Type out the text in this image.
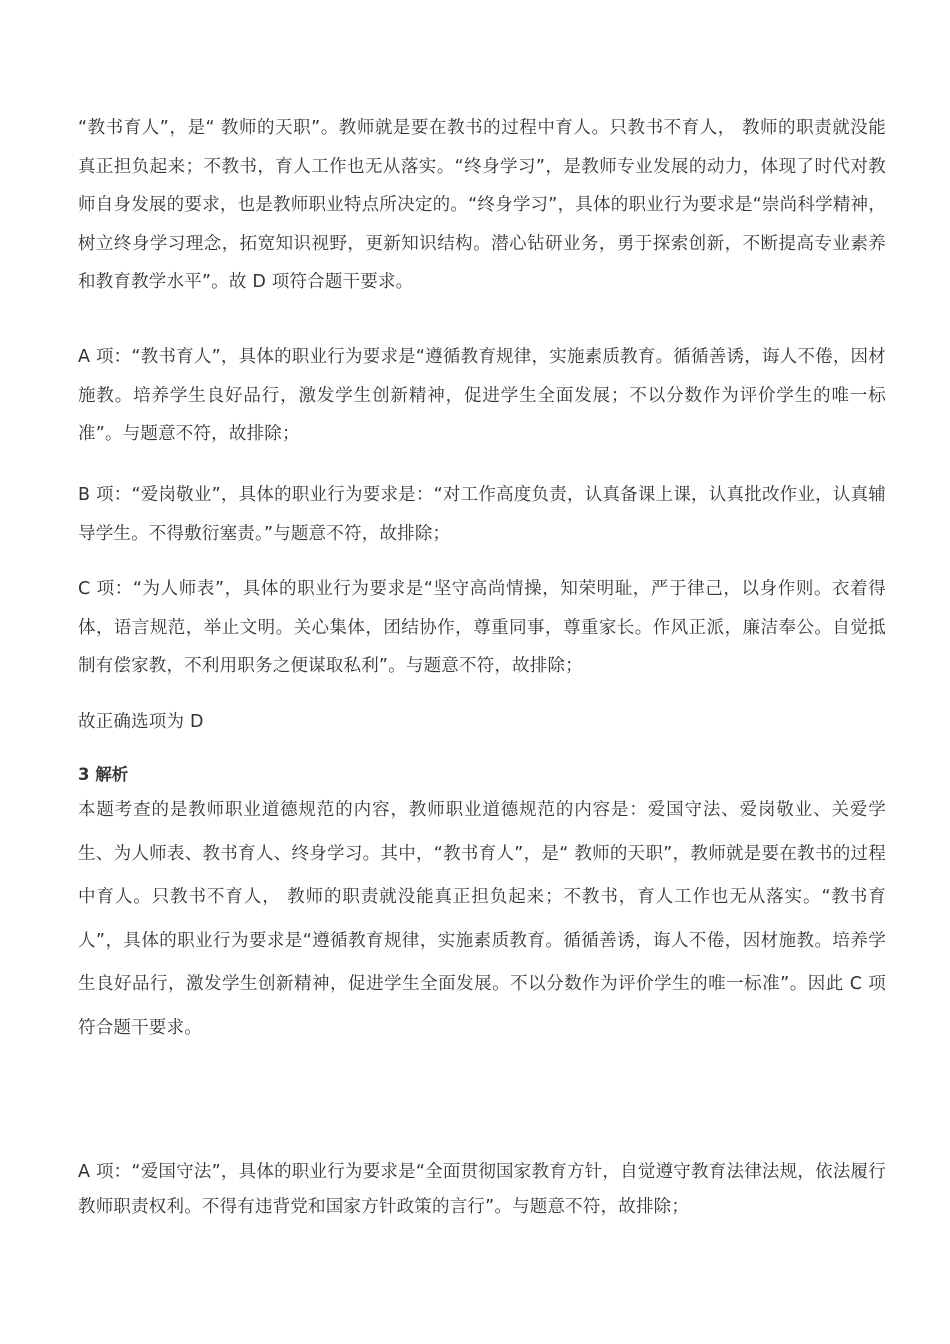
“教书育人”，是“ 教师的天职”。教师就是要在教书的过程中育人。只教书不育人， 教师的职责就没能真正担负起来；不教书，育人工作也无从落实。“终身学习”，是教师专业发展的动力，体现了时代对教师自身发展的要求，也是教师职业特点所决定的。“终身学习”，具体的职业行为要求是“崇尚科学精神，树立终身学习理念，拓宽知识视野，更新知识结构。潜心钻研业务，勇于探索创新，不断提高专业素养和教育教学水平”。故 D 项符合题干要求。

A 项：“教书育人”，具体的职业行为要求是“遵循教育规律，实施素质教育。循循善诱，诲人不倦，因材施教。培养学生良好品行，激发学生创新精神，促进学生全面发展；不以分数作为评价学生的唯一标准”。与题意不符，故排除；

B 项：“爱岗敬业”，具体的职业行为要求是：“对工作高度负责，认真备课上课，认真批改作业，认真辅导学生。不得敷衍塞责。”与题意不符，故排除；

C 项：“为人师表”，具体的职业行为要求是“坚守高尚情操，知荣明耻，严于律己，以身作则。衣着得体，语言规范，举止文明。关心集体，团结协作，尊重同事，尊重家长。作风正派，廉洁奉公。自觉抵制有偿家教，不利用职务之便谋取私利”。与题意不符，故排除；

故正确选项为 D

3 解析

本题考查的是教师职业道德规范的内容，教师职业道德规范的内容是：爱国守法、爱岗敬业、关爱学生、为人师表、教书育人、终身学习。其中，“教书育人”，是“ 教师的天职”，教师就是要在教书的过程中育人。只教书不育人， 教师的职责就没能真正担负起来；不教书，育人工作也无从落实。“教书育人”，具体的职业行为要求是“遵循教育规律，实施素质教育。循循善诱，诲人不倦，因材施教。培养学生良好品行，激发学生创新精神，促进学生全面发展。不以分数作为评价学生的唯一标准”。因此 C 项符合题干要求。

A 项：“爱国守法”，具体的职业行为要求是“全面贯彻国家教育方针，自觉遵守教育法律法规，依法履行教师职责权利。不得有违背党和国家方针政策的言行”。与题意不符，故排除；
